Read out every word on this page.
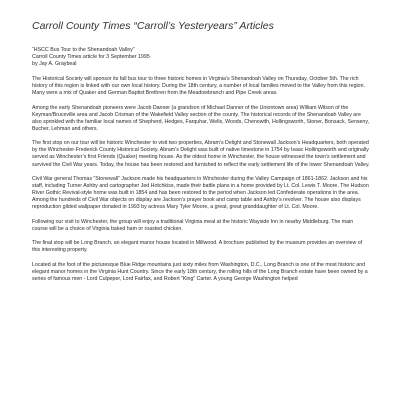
Carroll County Times “Carroll’s Yesteryears” Articles
“HSCC Bus Tour to the Shenandoah Valley”
Carroll County Times article for 3 September 1995
by Jay A. Graybeal

The Historical Society will sponsor its fall bus tour to three historic homes in Virginia’s Shenandoah Valley on Thursday, October 5th. The rich history of this region is linked with our own local history. During the 18th century, a number of local families moved to the Valley from this region. Many were a mix of Quaker and German Baptist Brethren from the Meadowbranch and Pipe Creek areas.

Among the early Shenandoah pioneers were Jacob Danner (a grandson of Michael Danner of the Uniontown area) William Wilson of the Keyman/Bruceville area and Jacob Crisman of the Wakefield Valley section of the county. The historical records of the Shenandoah Valley are also sprinkled with the familiar local names of Shepherd, Hedges, Farquhar, Wells, Woods, Chenowith, Hollingsworth, Stoner, Bonsack, Senseny, Bucher, Lehman and others.

The first stop on our tour will be historic Winchester to visit two properties, Abram’s Delight and Stonewall Jackson’s Headquarters, both operated by the Winchester-Frederick County Historical Society. Abram’s Delight was built of native limestone in 1754 by Isaac Hollingsworth and originally served as Winchester’s first Friends (Quaker) meeting house. As the oldest home in Winchester, the house witnessed the town’s settlement and survived the Civil War years. Today, the house has been restored and furnished to reflect the early settlement life of the lower Shenandoah Valley.

Civil War general Thomas “Stonewall” Jackson made his headquarters in Winchester during the Valley Campaign of 1861-1862. Jackson and his staff, including Turner Ashby and cartographer Jed Hotchkiss, made their battle plans in a home provided by Lt. Col. Lewis T. Moore. The Hudson River Gothic Revival-style home was built in 1854 and has been restored to the period when Jackson led Confederate operations in the area. Among the hundreds of Civil War objects on display are Jackson’s prayer book and camp table and Ashby’s revolver. The house also displays reproduction gilded wallpaper donated in 1993 by actress Mary Tyler Moore, a great, great granddaughter of Lt. Col. Moore.

Following our visit to Winchester, the group will enjoy a traditional Virginia meal at the historic Wayside Inn in nearby Middleburg. The main course will be a choice of Virginia baked ham or roasted chicken.

The final stop will be Long Branch, an elegant manor house located in Millwood. A brochure published by the museum provides an overview of this interesting property.

Located at the foot of the picturesque Blue Ridge mountains just sixty miles from Washington, D.C., Long Branch is one of the most historic and elegant manor homes in the Virginia Hunt Country. Since the early 18th century, the rolling hills of the Long Branch estate have been owned by a series of famous men - Lord Culpeper, Lord Fairfax, and Robert “King” Carter. A young George Washington helped
